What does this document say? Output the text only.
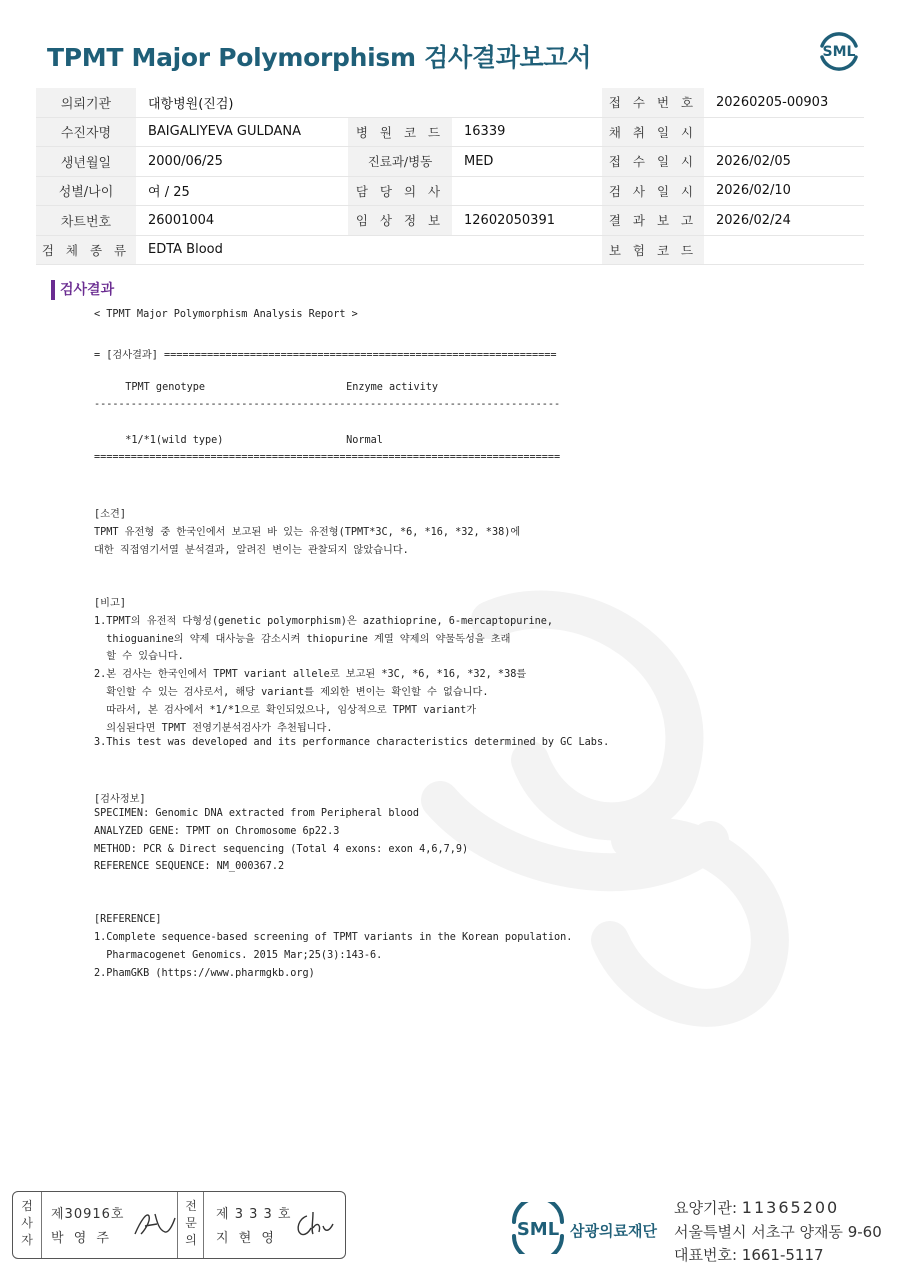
TPMT Major Polymorphism 검사결과보고서	SML
의뢰기관	대항병원(진검)			접 수 번 호	20260205-00903
수진자명	BAIGALIYEVA GULDANA	병 원 코 드	16339	채 취 일 시	
생년월일	2000/06/25	진료과/병동	MED	접 수 일 시	2026/02/05
성별/나이	여 / 25	담 당 의 사		검 사 일 시	2026/02/10
차트번호	26001004	임 상 정 보	12602050391	결 과 보 고	2026/02/24
검 체 종 류	EDTA Blood			보 험 코 드	
검사결과
< TPMT Major Polymorphism Analysis Report >
= [검사결과] ================================================================
TPMT genotype                       Enzyme activity
----------------------------------------------------------------------------
*1/*1(wild type)                    Normal
============================================================================
[소견]
TPMT 유전형 중 한국인에서 보고된 바 있는 유전형(TPMT*3C, *6, *16, *32, *38)에
대한 직접염기서열 분석결과, 알려진 변이는 관찰되지 않았습니다.
[비고]
1.TPMT의 유전적 다형성(genetic polymorphism)은 azathioprine, 6-mercaptopurine,
thioguanine의 약제 대사능을 감소시켜 thiopurine 계열 약제의 약물독성을 초래
할 수 있습니다.
2.본 검사는 한국인에서 TPMT variant allele로 보고된 *3C, *6, *16, *32, *38를
확인할 수 있는 검사로서, 해당 variant를 제외한 변이는 확인할 수 없습니다.
따라서, 본 검사에서 *1/*1으로 확인되었으나, 임상적으로 TPMT variant가
의심된다면 TPMT 전영기분석검사가 추천됩니다.
3.This test was developed and its performance characteristics determined by GC Labs.
[검사정보]
SPECIMEN: Genomic DNA extracted from Peripheral blood
ANALYZED GENE: TPMT on Chromosome 6p22.3
METHOD: PCR & Direct sequencing (Total 4 exons: exon 4,6,7,9)
REFERENCE SEQUENCE: NM_000367.2
[REFERENCE]
1.Complete sequence-based screening of TPMT variants in the Korean population.
Pharmacogenet Genomics. 2015 Mar;25(3):143-6.
2.PhamGKB (https://www.pharmgkb.org)
검사자
제30916호
박 영 주
전문의
제 3 3 3 호
지 현 영	SML 삼광의료재단
요양기관: 11365200
서울특별시 서초구 양재동 9-60
대표번호: 1661-5117
